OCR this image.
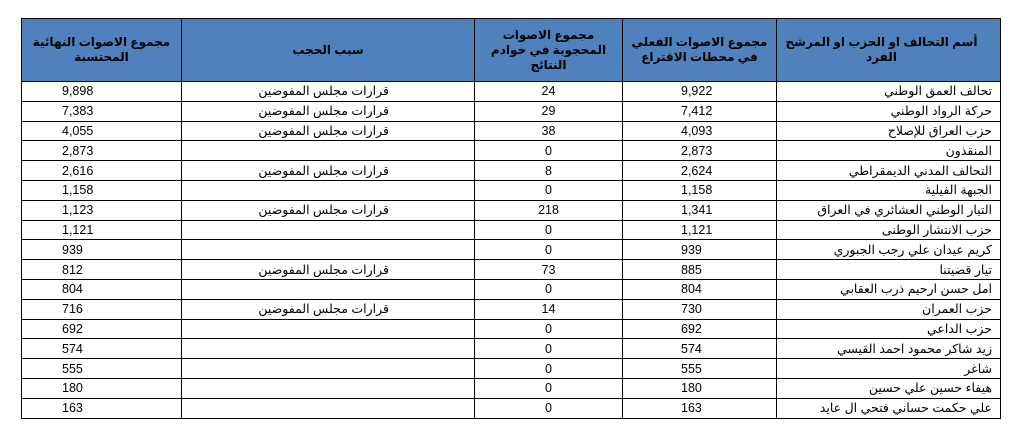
مجموع الاصوات النهائية المحتسبة	سبب الحجب	مجموع الاصوات المحجوبة في خوادم النتائج	مجموع الاصوات الفعلي في محطات الاقتراع	أسم التحالف او الحزب او المرشح الفرد
9,898	قرارات مجلس المفوضين	24	9,922	تحالف العمق الوطني
7,383	قرارات مجلس المفوضين	29	7,412	حركة الرواد الوطني
4,055	قرارات مجلس المفوضين	38	4,093	حزب العراق للإصلاح
2,873		0	2,873	المنقذون
2,616	قرارات مجلس المفوضين	8	2,624	التحالف المدني الديمقراطي
1,158		0	1,158	الجبهة الفيلية
1,123	قرارات مجلس المفوضين	218	1,341	التيار الوطني العشائري في العراق
1,121		0	1,121	حزب الانتشار الوطنى
939		0	939	كريم عيدان علي رجب الجبوري
812	قرارات مجلس المفوضين	73	885	تيار قضيتنا
804		0	804	امل حسن ارحيم ذرب العقابي
716	قرارات مجلس المفوضين	14	730	حزب العمران
692		0	692	حزب الداعي
574		0	574	زيد شاكر محمود احمد القيسي
555		0	555	شاغر
180		0	180	هيفاء حسين علي حسين
163		0	163	علي حكمت حساني فتحي ال عايد
